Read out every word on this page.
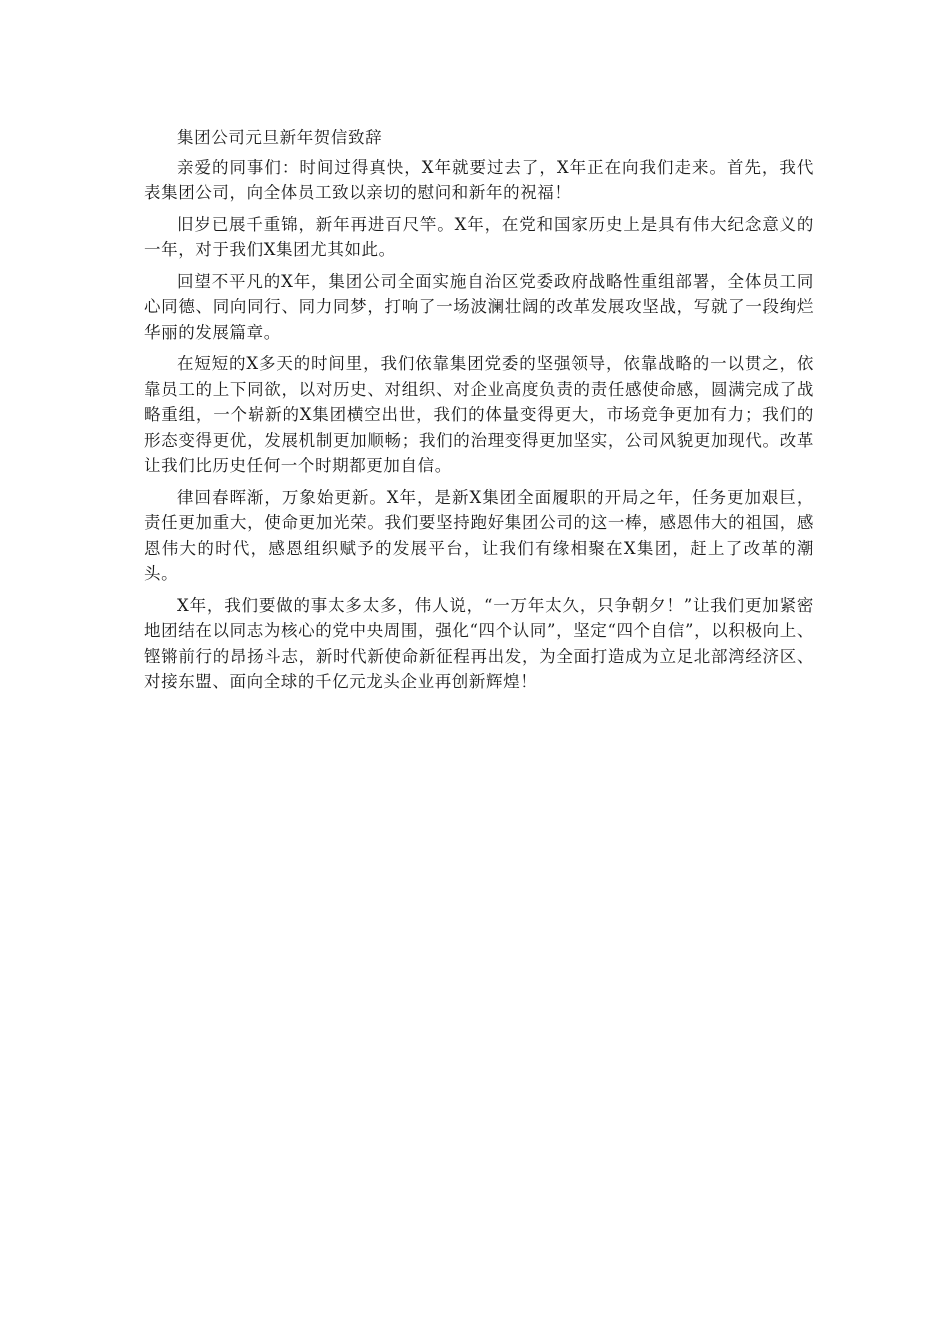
集团公司元旦新年贺信致辞

亲爱的同事们：时间过得真快，X年就要过去了，X年正在向我们走来。首先，我代表集团公司，向全体员工致以亲切的慰问和新年的祝福！

旧岁已展千重锦，新年再进百尺竿。X年，在党和国家历史上是具有伟大纪念意义的一年，对于我们X集团尤其如此。

回望不平凡的X年，集团公司全面实施自治区党委政府战略性重组部署，全体员工同心同德、同向同行、同力同梦，打响了一场波澜壮阔的改革发展攻坚战，写就了一段绚烂华丽的发展篇章。

在短短的X多天的时间里，我们依靠集团党委的坚强领导，依靠战略的一以贯之，依靠员工的上下同欲，以对历史、对组织、对企业高度负责的责任感使命感，圆满完成了战略重组，一个崭新的X集团横空出世，我们的体量变得更大，市场竞争更加有力；我们的形态变得更优，发展机制更加顺畅；我们的治理变得更加坚实，公司风貌更加现代。改革让我们比历史任何一个时期都更加自信。

律回春晖渐，万象始更新。X年，是新X集团全面履职的开局之年，任务更加艰巨，责任更加重大，使命更加光荣。我们要坚持跑好集团公司的这一棒，感恩伟大的祖国，感恩伟大的时代，感恩组织赋予的发展平台，让我们有缘相聚在X集团，赶上了改革的潮头。

X年，我们要做的事太多太多，伟人说，“一万年太久，只争朝夕！”让我们更加紧密地团结在以同志为核心的党中央周围，强化“四个认同”，坚定“四个自信”，以积极向上、铿锵前行的昂扬斗志，新时代新使命新征程再出发，为全面打造成为立足北部湾经济区、对接东盟、面向全球的千亿元龙头企业再创新辉煌！
